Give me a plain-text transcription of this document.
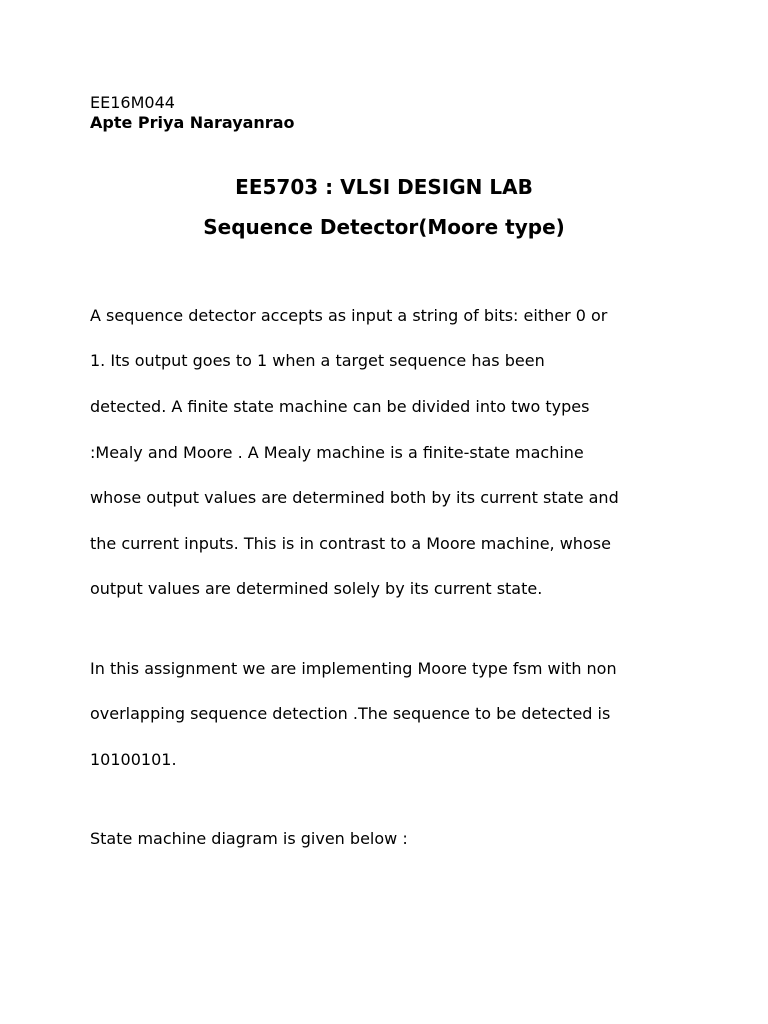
EE16M044

Apte Priya Narayanrao

EE5703 : VLSI DESIGN LAB
Sequence Detector(Moore type)

A sequence detector accepts as input a string of bits: either 0 or

1. Its output goes to 1 when a target sequence has been

detected. A finite state machine can be divided into two types

:Mealy and Moore . A Mealy machine is a finite-state machine

whose output values are determined both by its current state and

the current inputs. This is in contrast to a Moore machine, whose

output values are determined solely by its current state.

In this assignment we are implementing Moore type fsm with non

overlapping sequence detection .The sequence to be detected is

10100101.

State machine diagram is given below :
